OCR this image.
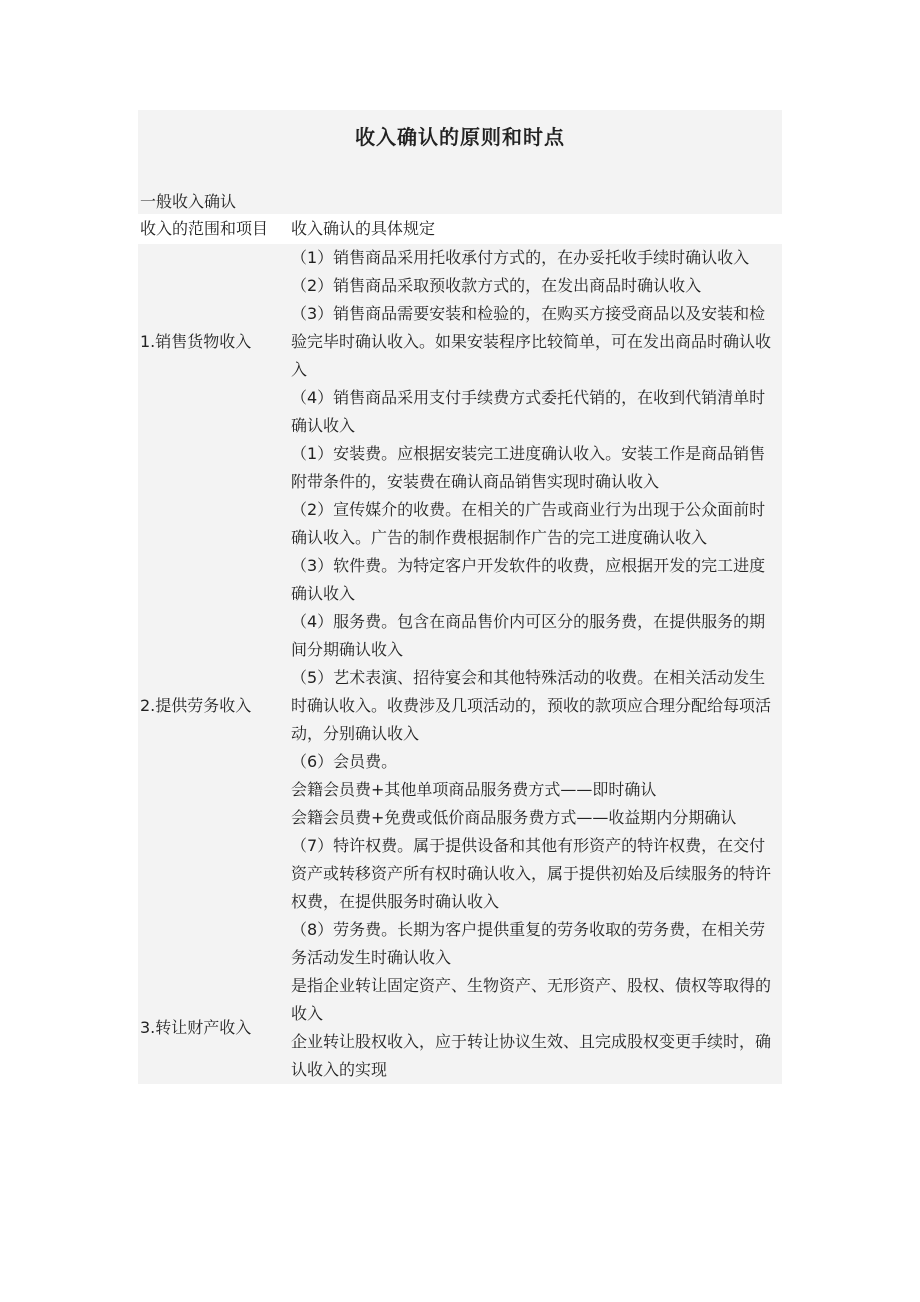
收入确认的原则和时点
一般收入确认
收入的范围和项目	收入确认的具体规定
1.销售货物收入

（1）销售商品采用托收承付方式的，在办妥托收手续时确认收入

（2）销售商品采取预收款方式的，在发出商品时确认收入

（3）销售商品需要安装和检验的，在购买方接受商品以及安装和检验完毕时确认收入。如果安装程序比较简单，可在发出商品时确认收入

（4）销售商品采用支付手续费方式委托代销的，在收到代销清单时确认收入

2.提供劳务收入

（1）安装费。应根据安装完工进度确认收入。安装工作是商品销售附带条件的，安装费在确认商品销售实现时确认收入

（2）宣传媒介的收费。在相关的广告或商业行为出现于公众面前时确认收入。广告的制作费根据制作广告的完工进度确认收入

（3）软件费。为特定客户开发软件的收费，应根据开发的完工进度确认收入

（4）服务费。包含在商品售价内可区分的服务费，在提供服务的期间分期确认收入

（5）艺术表演、招待宴会和其他特殊活动的收费。在相关活动发生时确认收入。收费涉及几项活动的，预收的款项应合理分配给每项活动，分别确认收入

（6）会员费。

会籍会员费+其他单项商品服务费方式——即时确认

会籍会员费+免费或低价商品服务费方式——收益期内分期确认

（7）特许权费。属于提供设备和其他有形资产的特许权费，在交付资产或转移资产所有权时确认收入，属于提供初始及后续服务的特许权费，在提供服务时确认收入

（8）劳务费。长期为客户提供重复的劳务收取的劳务费，在相关劳务活动发生时确认收入

3.转让财产收入

是指企业转让固定资产、生物资产、无形资产、股权、债权等取得的收入

企业转让股权收入，应于转让协议生效、且完成股权变更手续时，确认收入的实现
